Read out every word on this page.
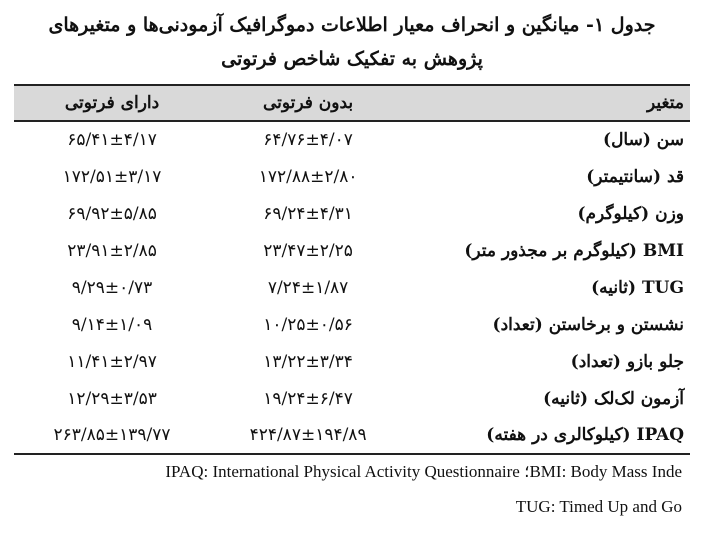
جدول ۱- میانگین و انحراف معیار اطلاعات دموگرافیک آزمودنی‌ها و متغیرهای
پژوهش به تفکیک شاخص فرتوتی
متغیر	بدون فرتوتی	دارای فرتوتی
سن (سال)	۶۴/۷۶±۴/۰۷	۶۵/۴۱±۴/۱۷
قد (سانتیمتر)	۱۷۲/۸۸±۲/۸۰	۱۷۲/۵۱±۳/۱۷
وزن (کیلوگرم)	۶۹/۲۴±۴/۳۱	۶۹/۹۲±۵/۸۵
BMI (کیلوگرم بر مجذور متر)	۲۳/۴۷±۲/۲۵	۲۳/۹۱±۲/۸۵
TUG (ثانیه)	۷/۲۴±۱/۸۷	۹/۲۹±۰/۷۳
نشستن و برخاستن (تعداد)	۱۰/۲۵±۰/۵۶	۹/۱۴±۱/۰۹
جلو بازو (تعداد)	۱۳/۲۲±۳/۳۴	۱۱/۴۱±۲/۹۷
آزمون لک‌لک (ثانیه)	۱۹/۲۴±۶/۴۷	۱۲/۲۹±۳/۵۳
IPAQ (کیلوکالری در هفته)	۴۲۴/۸۷±۱۹۴/۸۹	۲۶۳/۸۵±۱۳۹/۷۷
BMI: Body Mass Inde؛ IPAQ: International Physical Activity Questionnaire
TUG: Timed Up and Go
